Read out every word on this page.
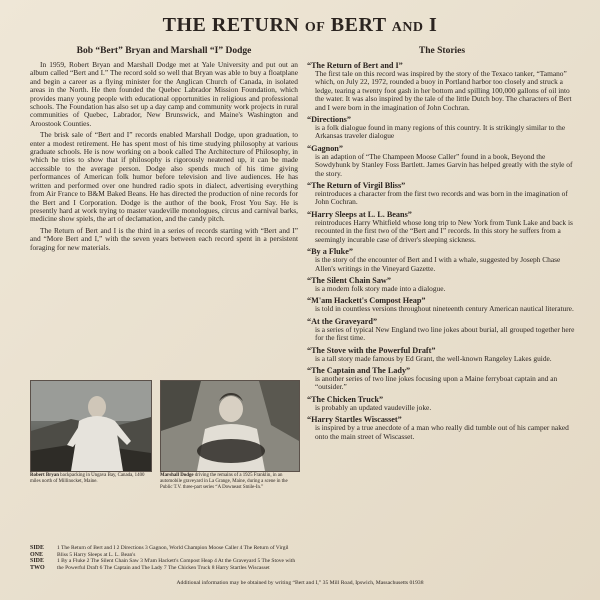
THE RETURN OF BERT AND I
Bob “Bert” Bryan and Marshall “I” Dodge

In 1959, Robert Bryan and Marshall Dodge met at Yale University and put out an album called “Bert and I.” The record sold so well that Bryan was able to buy a floatplane and begin a career as a flying minister for the Anglican Church of Canada, in isolated areas in the North. He then founded the Quebec Labrador Mission Foundation, which provides many young people with educational opportunities in religious and professional schools. The Foundation has also set up a day camp and community work projects in rural communities of Quebec, Labrador, New Brunswick, and Maine's Washington and Aroostook Counties.

The brisk sale of “Bert and I” records enabled Marshall Dodge, upon graduation, to enter a modest retirement. He has spent most of his time studying philosophy at various graduate schools. He is now working on a book called The Architecture of Philosophy, in which he tries to show that if philosophy is rigorously neatened up, it can be made accessible to the average person. Dodge also spends much of his time giving performances of American folk humor before television and live audiences. He has written and performed over one hundred radio spots in dialect, advertising everything from Air France to B&M Baked Beans. He has directed the production of nine records for the Bert and I Corporation. Dodge is the author of the book, Frost You Say. He is presently hard at work trying to master vaudeville monologues, circus and carnival barks, medicine show spiels, the art of declamation, and the candy pitch.

The Return of Bert and I is the third in a series of records starting with “Bert and I” and “More Bert and I,” with the seven years between each record spent in a persistent foraging for new materials.

Robert Bryan backpacking in Ungava Bay, Canada, 1400 miles north of Millinocket, Maine.
Marshall Dodge driving the remains of a 1925 Franklin, in an automobile graveyard in La Grange, Maine, during a scene in the Public T.V. three-part series “A Downeast Smile-In.”
SIDE ONE
1 The Return of Bert and I 2 Directions 3 Gagnon, World Champion Moose Caller 4 The Return of Virgil Bliss 5 Harry Sleeps at L. L. Bean's
SIDE TWO
1 By a Fluke 2 The Silent Chain Saw 3 M'am Hackett's Compost Heap 4 At the Graveyard 5 The Stove with the Powerful Draft 6 The Captain and The Lady 7 The Chicken Truck 8 Harry Startles Wiscasset
The Stories
“The Return of Bert and I”
The first tale on this record was inspired by the story of the Texaco tanker, “Tamano” which, on July 22, 1972, rounded a buoy in Portland harbor too closely and struck a ledge, tearing a twenty foot gash in her bottom and spilling 100,000 gallons of oil into the water. It was also inspired by the tale of the little Dutch boy. The characters of Bert and I were born in the imagination of John Cochran.
“Directions”
is a folk dialogue found in many regions of this country. It is strikingly similar to the Arkansas traveler dialogue
“Gagnon”
is an adaption of “The Champeen Moose Caller” found in a book, Beyond the Sowdyhunk by Stanley Foss Bartlett. James Garvin has helped greatly with the style of the story.
“The Return of Virgil Bliss”
reintroduces a character from the first two records and was born in the imagination of John Cochran.
“Harry Sleeps at L. L. Beans”
reintroduces Harry Whitfield whose long trip to New York from Tunk Lake and back is recounted in the first two of the “Bert and I” records. In this story he suffers from a seemingly incurable case of driver's sleeping sickness.
“By a Fluke”
is the story of the encounter of Bert and I with a whale, suggested by Joseph Chase Allen's writings in the Vineyard Gazette.
“The Silent Chain Saw”
is a modern folk story made into a dialogue.
“M'am Hackett's Compost Heap”
is told in countless versions throughout nineteenth century American nautical literature.
“At the Graveyard”
is a series of typical New England two line jokes about burial, all grouped together here for the first time.
“The Stove with the Powerful Draft”
is a tall story made famous by Ed Grant, the well-known Rangeley Lakes guide.
“The Captain and The Lady”
is another series of two line jokes focusing upon a Maine ferryboat captain and an “outsider.”
“The Chicken Truck”
is probably an updated vaudeville joke.
“Harry Startles Wiscasset”
is inspired by a true anecdote of a man who really did tumble out of his camper naked onto the main street of Wiscasset.
Additional information may be obtained by writing “Bert and I,” 35 Mill Road, Ipswich, Massachusetts 01938
